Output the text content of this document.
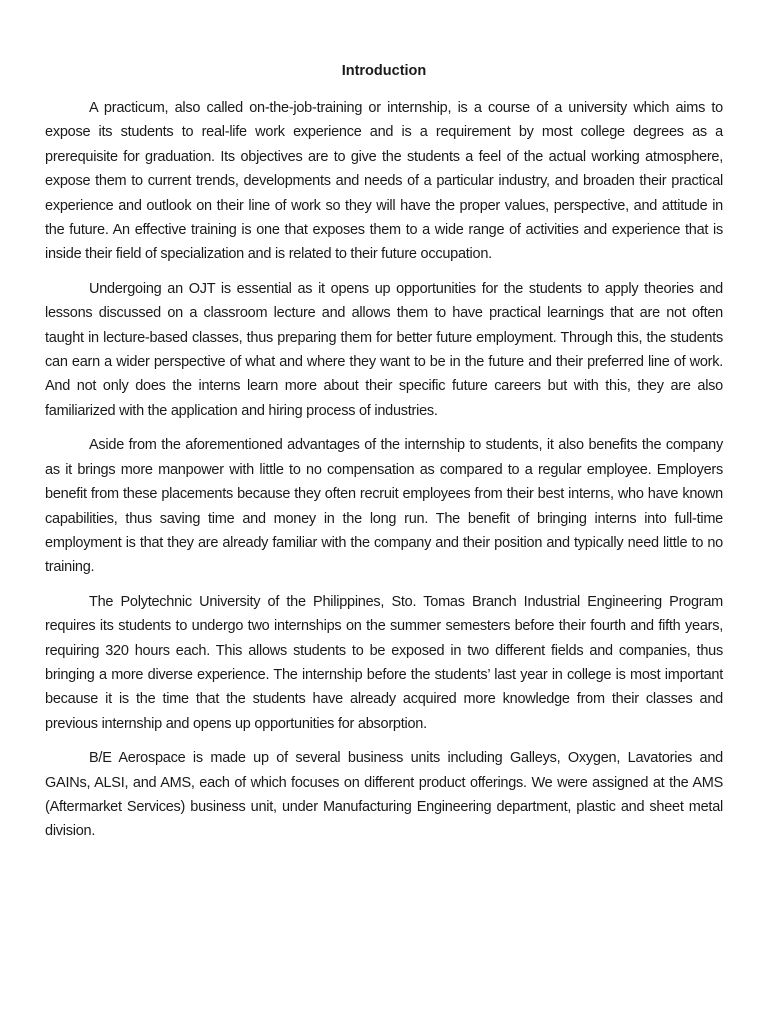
Introduction

A practicum, also called on-the-job-training or internship, is a course of a university which aims to expose its students to real-life work experience and is a requirement by most college degrees as a prerequisite for graduation. Its objectives are to give the students a feel of the actual working atmosphere, expose them to current trends, developments and needs of a particular industry, and broaden their practical experience and outlook on their line of work so they will have the proper values, perspective, and attitude in the future. An effective training is one that exposes them to a wide range of activities and experience that is inside their field of specialization and is related to their future occupation.

Undergoing an OJT is essential as it opens up opportunities for the students to apply theories and lessons discussed on a classroom lecture and allows them to have practical learnings that are not often taught in lecture-based classes, thus preparing them for better future employment. Through this, the students can earn a wider perspective of what and where they want to be in the future and their preferred line of work. And not only does the interns learn more about their specific future careers but with this, they are also familiarized with the application and hiring process of industries.

Aside from the aforementioned advantages of the internship to students, it also benefits the company as it brings more manpower with little to no compensation as compared to a regular employee. Employers benefit from these placements because they often recruit employees from their best interns, who have known capabilities, thus saving time and money in the long run. The benefit of bringing interns into full-time employment is that they are already familiar with the company and their position and typically need little to no training.

The Polytechnic University of the Philippines, Sto. Tomas Branch Industrial Engineering Program requires its students to undergo two internships on the summer semesters before their fourth and fifth years, requiring 320 hours each. This allows students to be exposed in two different fields and companies, thus bringing a more diverse experience. The internship before the students’ last year in college is most important because it is the time that the students have already acquired more knowledge from their classes and previous internship and opens up opportunities for absorption.

B/E Aerospace is made up of several business units including Galleys, Oxygen, Lavatories and GAINs, ALSI, and AMS, each of which focuses on different product offerings. We were assigned at the AMS (Aftermarket Services) business unit, under Manufacturing Engineering department, plastic and sheet metal division.
